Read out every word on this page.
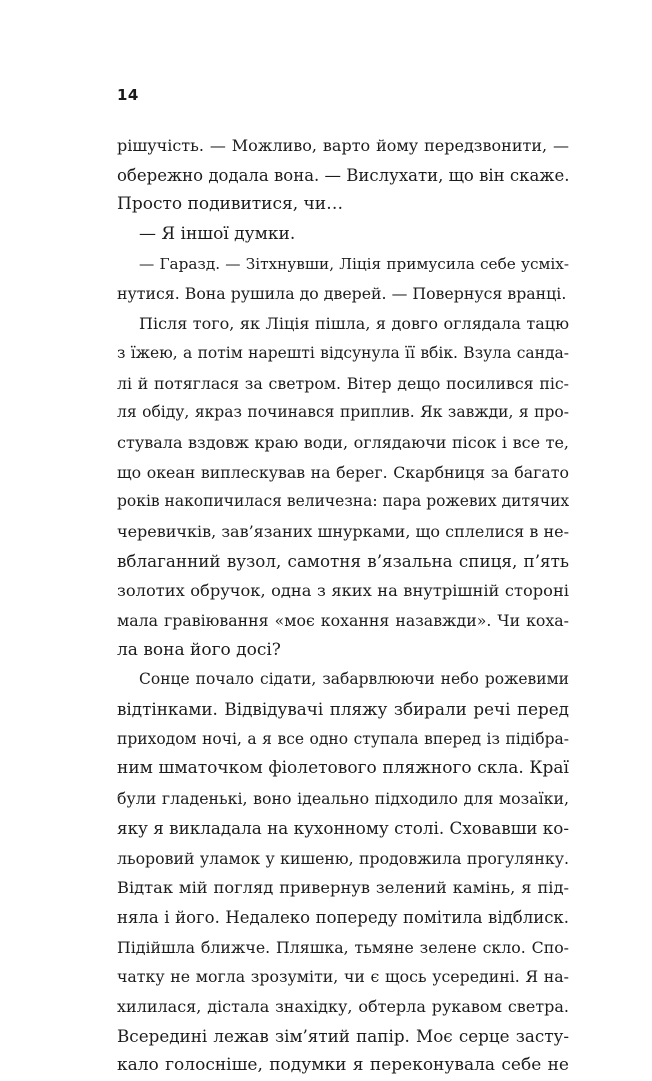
14
рішучість. — Можливо, варто йому передзвонити, —
обережно додала вона. — Вислухати, що він скаже.
Просто подивитися, чи…
— Я іншої думки.
— Гаразд. — Зітхнувши, Ліція примусила себе усміх-
нутися. Вона рушила до дверей. — Повернуся вранці.
Після того, як Ліція пішла, я довго оглядала тацю
з їжею, а потім нарешті відсунула її вбік. Взула санда-
лі й потяглася за светром. Вітер дещо посилився піс-
ля обіду, якраз починався приплив. Як завжди, я про-
стувала вздовж краю води, оглядаючи пісок і все те,
що океан виплескував на берег. Скарбниця за багато
років накопичилася величезна: пара рожевих дитячих
черевичків, зав’язаних шнурками, що сплелися в не-
вблаганний вузол, самотня в’язальна спиця, п’ять
золотих обручок, одна з яких на внутрішній стороні
мала гравіювання «моє кохання назавжди». Чи коха-
ла вона його досі?
Сонце почало сідати, забарвлюючи небо рожевими
відтінками. Відвідувачі пляжу збирали речі перед
приходом ночі, а я все одно ступала вперед із підібра-
ним шматочком фіолетового пляжного скла. Краї
були гладенькі, воно ідеально підходило для мозаїки,
яку я викладала на кухонному столі. Сховавши ко-
льоровий уламок у кишеню, продовжила прогулянку.
Відтак мій погляд привернув зелений камінь, я під-
няла і його. Недалеко попереду помітила відблиск.
Підійшла ближче. Пляшка, тьмяне зелене скло. Спо-
чатку не могла зрозуміти, чи є щось усередині. Я на-
хилилася, дістала знахідку, обтерла рукавом светра.
Всередині лежав зім’ятий папір. Моє серце засту-
кало голосніше, подумки я переконувала себе не
